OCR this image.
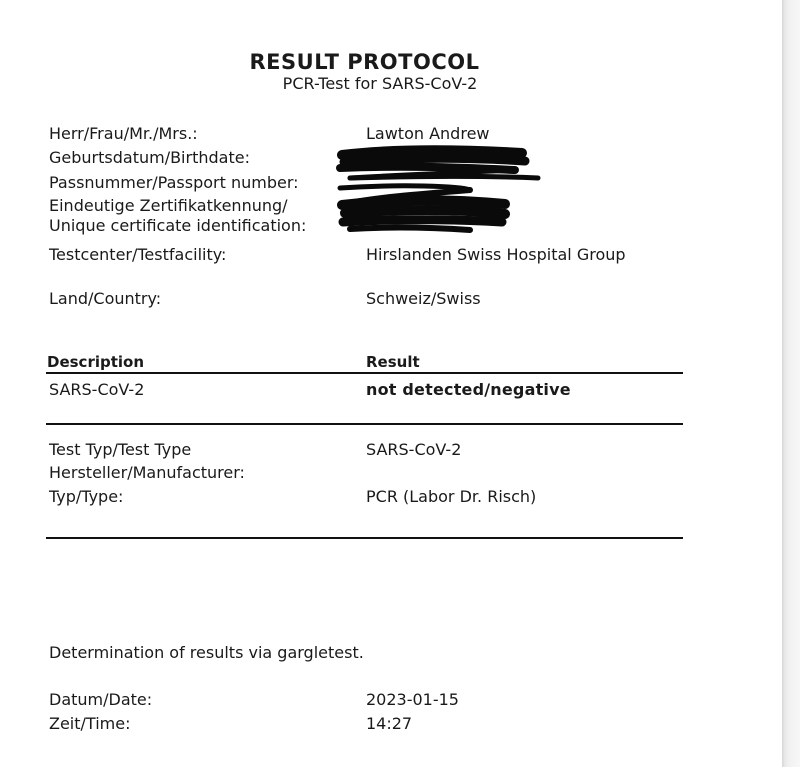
RESULT PROTOCOL
PCR-Test for SARS-CoV-2
Herr/Frau/Mr./Mrs.:	Lawton Andrew
Geburtsdatum/Birthdate:
Passnummer/Passport number:
Eindeutige Zertifikatkennung/
Unique certificate identification:
Testcenter/Testfacility:	Hirslanden Swiss Hospital Group
Land/Country:	Schweiz/Swiss
Description	Result
SARS-CoV-2	not detected/negative
Test Typ/Test Type	SARS-CoV-2
Hersteller/Manufacturer:
Typ/Type:	PCR (Labor Dr. Risch)
Determination of results via gargletest.
Datum/Date:	2023-01-15
Zeit/Time:	14:27
